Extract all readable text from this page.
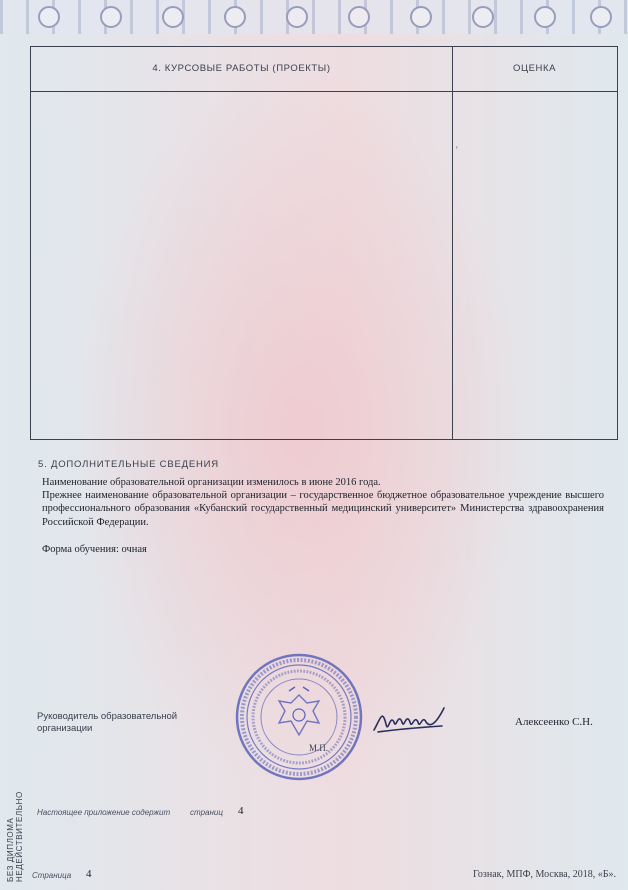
4. КУРСОВЫЕ РАБОТЫ (ПРОЕКТЫ)	ОЦЕНКА
'
5. ДОПОЛНИТЕЛЬНЫЕ СВЕДЕНИЯ

Наименование образовательной организации изменилось в июне 2016 года.

Прежнее наименование образовательной организации – государственное бюджетное образовательное учреждение высшего профессионального образования «Кубанский государственный медицинский университет» Министерства здравоохранения Российской Федерации.

Форма обучения: очная

Руководитель образовательной организации
Алексеенко С.Н.
М.П.
Настоящее приложение содержит страниц 4
БЕЗ ДИПЛОМА НЕДЕЙСТВИТЕЛЬНО Страница 4	Гознак, МПФ, Москва, 2018, «Б».
